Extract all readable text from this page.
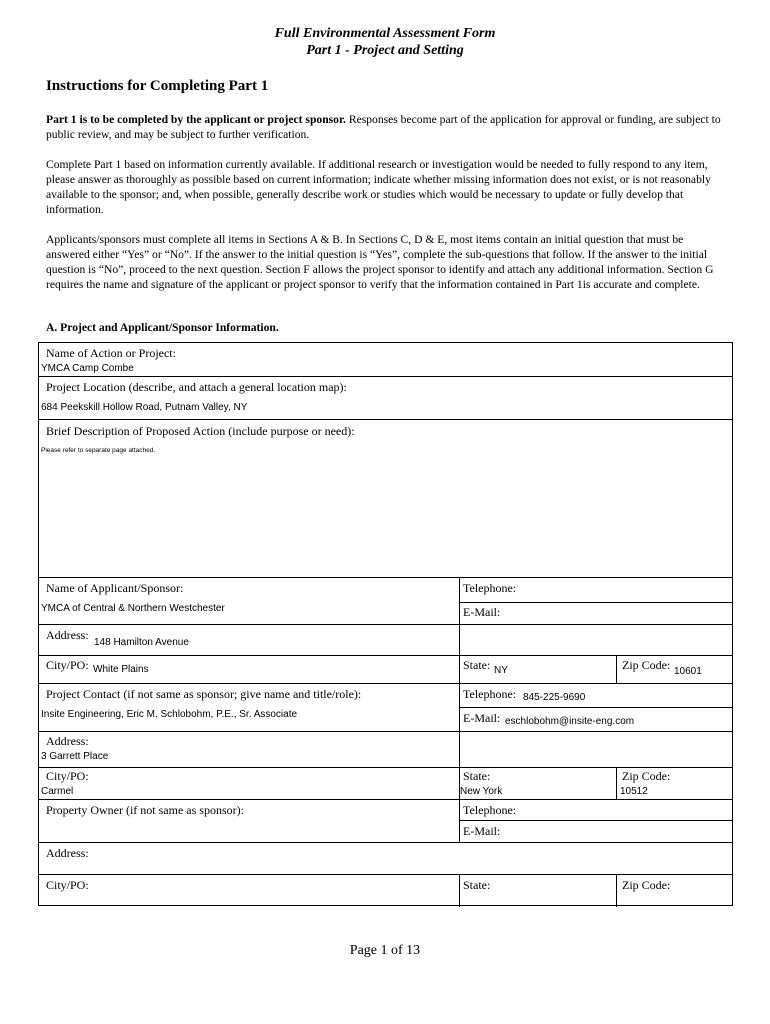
Full Environmental Assessment Form
Part 1 - Project and Setting
Instructions for Completing Part 1
Part 1 is to be completed by the applicant or project sponsor. Responses become part of the application for approval or funding, are subject to public review, and may be subject to further verification.
Complete Part 1 based on information currently available. If additional research or investigation would be needed to fully respond to any item, please answer as thoroughly as possible based on current information; indicate whether missing information does not exist, or is not reasonably available to the sponsor; and, when possible, generally describe work or studies which would be necessary to update or fully develop that information.
Applicants/sponsors must complete all items in Sections A & B. In Sections C, D & E, most items contain an initial question that must be answered either “Yes” or “No”. If the answer to the initial question is “Yes”, complete the sub-questions that follow. If the answer to the initial question is “No”, proceed to the next question. Section F allows the project sponsor to identify and attach any additional information. Section G requires the name and signature of the applicant or project sponsor to verify that the information contained in Part 1is accurate and complete.
A. Project and Applicant/Sponsor Information.
Name of Action or Project:
YMCA Camp Combe
Project Location (describe, and attach a general location map):
684 Peekskill Hollow Road, Putnam Valley, NY
Brief Description of Proposed Action (include purpose or need):
Please refer to separate page attached.
Name of Applicant/Sponsor:
YMCA of Central & Northern Westchester
Telephone:
E-Mail:
Address:
148 Hamilton Avenue
City/PO: White Plains	State: NY	Zip Code: 10601
Project Contact (if not same as sponsor; give name and title/role):
Insite Engineering, Eric M. Schlobohm, P.E., Sr. Associate
Telephone: 845-225-9690
E-Mail: eschlobohm@insite-eng.com
Address:
3 Garrett Place
City/PO:
Carmel
State:
New York
Zip Code:
10512
Property Owner (if not same as sponsor):	Telephone:
E-Mail:
Address:
City/PO:	State:	Zip Code:
Page 1 of 13
